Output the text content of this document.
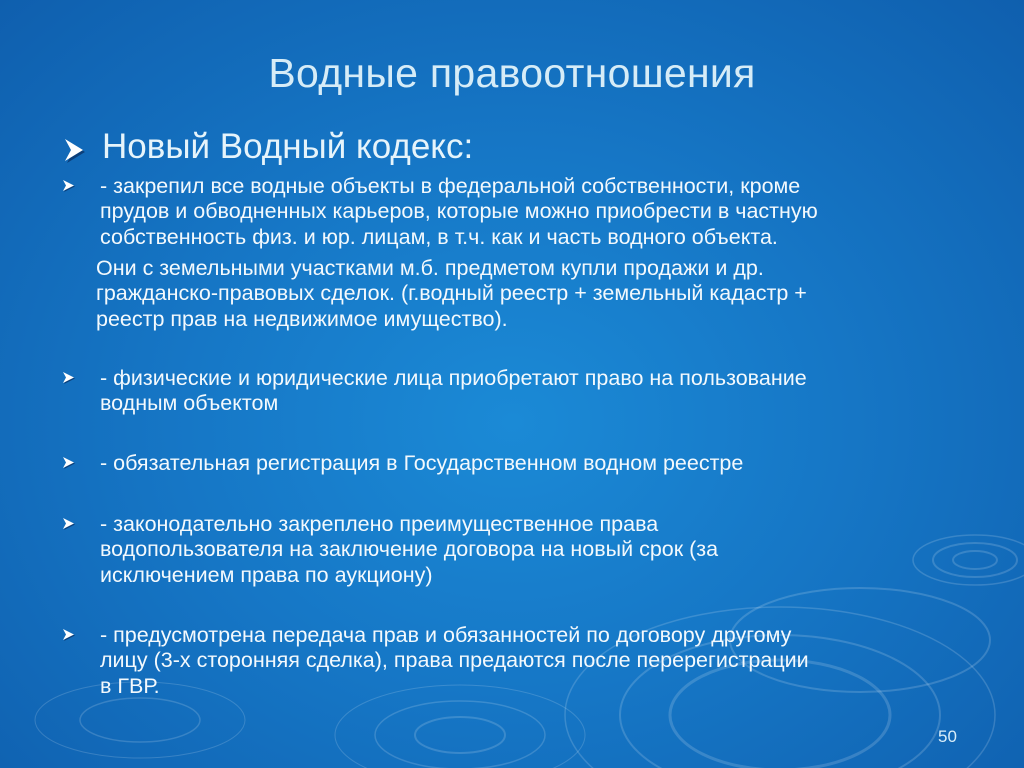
Водные правоотношения
Новый Водный кодекс:
- закрепил все водные объекты в федеральной собственности, кроме
прудов и обводненных карьеров, которые можно приобрести в частную
собственность физ. и юр. лицам, в т.ч. как и часть водного объекта.
- физические и юридические лица приобретают право на пользование
водным объектом
- обязательная регистрация в Государственном водном реестре
- законодательно закреплено преимущественное права
водопользователя на заключение договора на новый срок (за
исключением права по аукциону)
- предусмотрена передача прав и обязанностей по договору другому
лицу (3-х сторонняя сделка), права предаются после перерегистрации
в ГВР.
Они с земельными участками м.б. предметом купли продажи и др.
гражданско-правовых сделок. (г.водный реестр + земельный кадастр +
реестр прав на недвижимое имущество).
50
